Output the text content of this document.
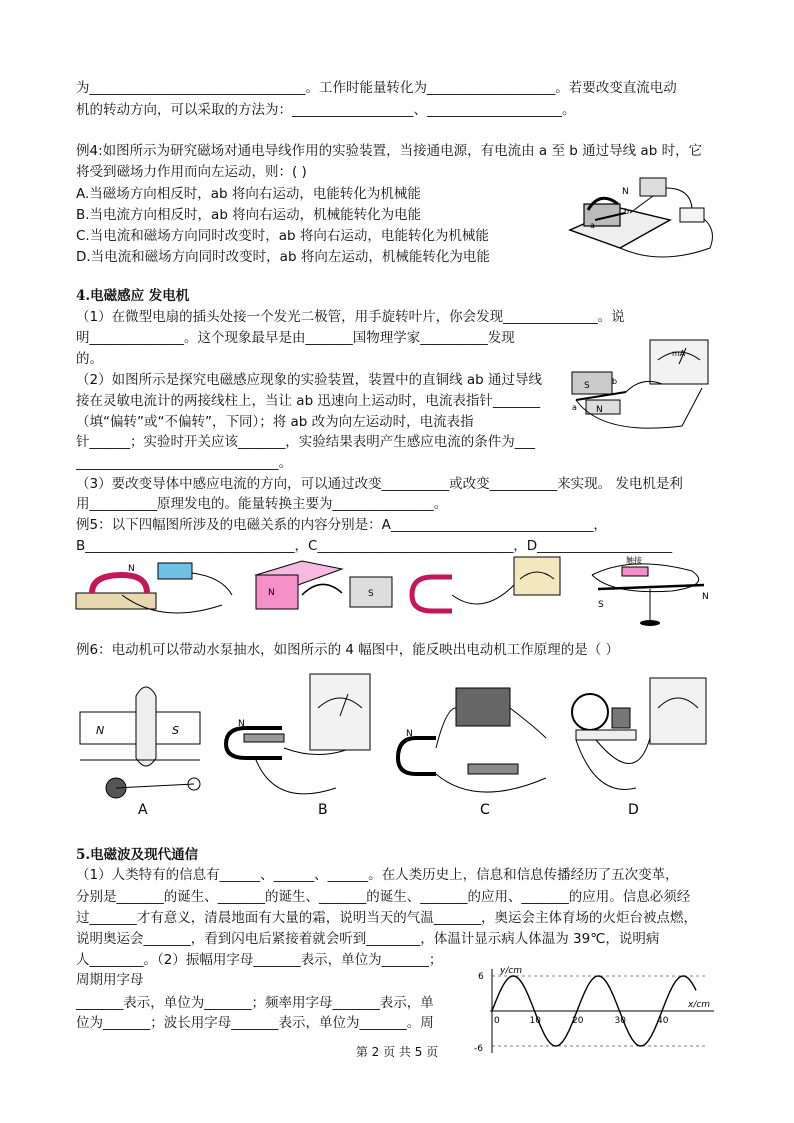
为________________________________。工作时能量转化为___________________。若要改变直流电动
机的转动方向，可以采取的方法为：__________________、____________________。
例4:如图所示为研究磁场对通电导线作用的实验装置，当接通电源，有电流由 a 至 b 通过导线 ab 时，它
将受到磁场力作用而向左运动，则：( )
A.当磁场方向相反时，ab 将向右运动，电能转化为机械能
B.当电流方向相反时，ab 将向右运动，机械能转化为电能
C.当电流和磁场方向同时改变时，ab 将向右运动，电能转化为机械能
D.当电流和磁场方向同时改变时，ab 将向左运动，机械能转化为电能
4.电磁感应 发电机
（1）在微型电扇的插头处接一个发光二极管，用手旋转叶片，你会发现______________。说
明______________。这个现象最早是由_______国物理学家__________发现
的。
（2）如图所示是探究电磁感应现象的实验装置，装置中的直铜线 ab 通过导线
接在灵敏电流计的两接线柱上，当让 ab 迅速向上运动时，电流表指针_______
（填“偏转”或“不偏转”，下同）；将 ab 改为向左运动时，电流表指
针______；实验时开关应该_______，实验结果表明产生感应电流的条件为___
______________________________。
（3）要改变导体中感应电流的方向，可以通过改变__________或改变__________来实现。 发电机是利
用__________原理发电的。能量转换主要为_______________。
例5：以下四幅图所涉及的电磁关系的内容分别是：A______________________________，
B_______________________________，C_____________________________，D____________________
例6：电动机可以带动水泵抽水，如图所示的 4 幅图中，能反映出电动机工作原理的是（ ）
5.电磁波及现代通信
（1）人类特有的信息有______、______、______。在人类历史上，信息和信息传播经历了五次变革，
分别是_______的诞生、_______的诞生、_______的诞生、_______的应用、_______的应用。信息必须经
过_______才有意义，清晨地面有大量的霜，说明当天的气温_______，奥运会主体育场的火炬台被点燃，
说明奥运会_______，看到闪电后紧接着就会听到________，体温计显示病人体温为 39℃，说明病
人________。（2）振幅用字母_______表示，单位为_______；
周期用字母
_______表示，单位为_______；频率用字母_______表示，单
位为_______；波长用字母_______表示，单位为_______。周
N
b
a
mA
S	b
a N
N
N	S
触接
S
N
N	S	N
N
A	B	C	D
y/cm
x/cm
0	10	20	30	40
6
-6
第 2 页 共 5 页
